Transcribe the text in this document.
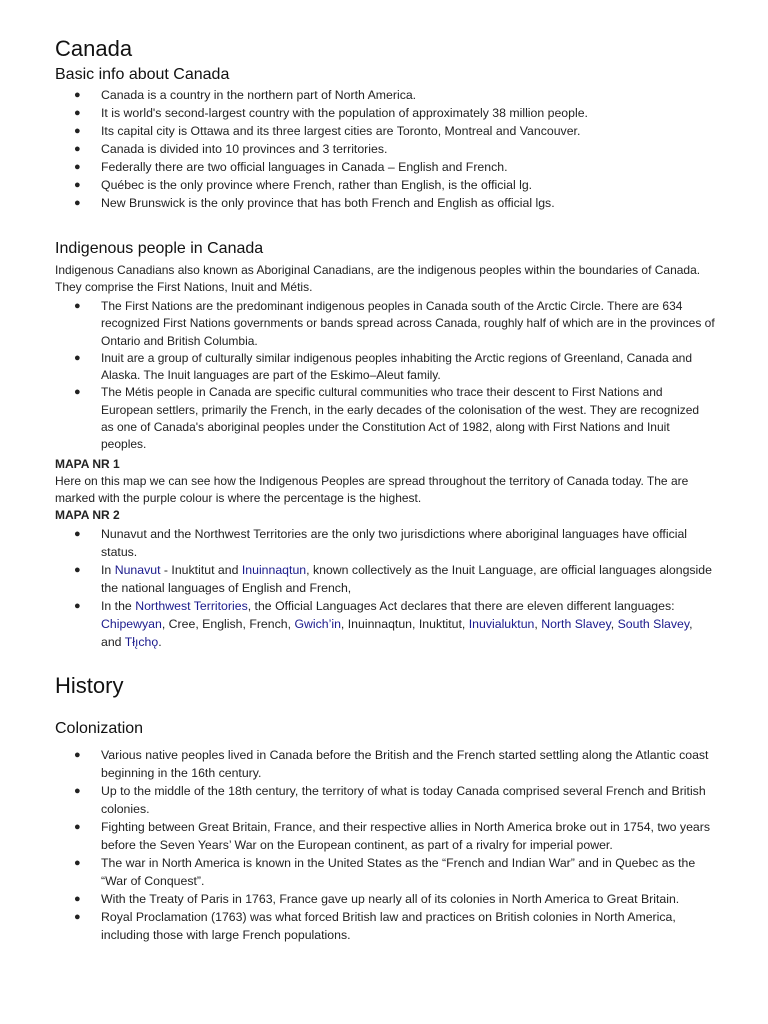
Canada
Basic info about Canada
● Canada is a country in the northern part of North America.
● It is world's second-largest country with the population of approximately 38 million people.
● Its capital city is Ottawa and its three largest cities are Toronto, Montreal and Vancouver.
● Canada is divided into 10 provinces and 3 territories.
● Federally there are two official languages in Canada – English and French.
● Québec is the only province where French, rather than English, is the official lg.
● New Brunswick is the only province that has both French and English as official lgs.
Indigenous people in Canada
Indigenous Canadians also known as Aboriginal Canadians, are the indigenous peoples within the boundaries of Canada. They comprise the First Nations, Inuit and Métis.
● The First Nations are the predominant indigenous peoples in Canada south of the Arctic Circle. There are 634 recognized First Nations governments or bands spread across Canada, roughly half of which are in the provinces of Ontario and British Columbia.
● Inuit are a group of culturally similar indigenous peoples inhabiting the Arctic regions of Greenland, Canada and Alaska. The Inuit languages are part of the Eskimo–Aleut family.
● The Métis people in Canada are specific cultural communities who trace their descent to First Nations and European settlers, primarily the French, in the early decades of the colonisation of the west. They are recognized as one of Canada's aboriginal peoples under the Constitution Act of 1982, along with First Nations and Inuit peoples.
MAPA NR 1
Here on this map we can see how the Indigenous Peoples are spread throughout the territory of Canada today. The are marked with the purple colour is where the percentage is the highest.
MAPA NR 2
● Nunavut and the Northwest Territories are the only two jurisdictions where aboriginal languages have official status.
● In Nunavut - Inuktitut and Inuinnaqtun, known collectively as the Inuit Language, are official languages alongside the national languages of English and French,
● In the Northwest Territories, the Official Languages Act declares that there are eleven different languages: Chipewyan, Cree, English, French, Gwich’in, Inuinnaqtun, Inuktitut, Inuvialuktun, North Slavey, South Slavey, and Tłı̨chǫ.
History
Colonization
● Various native peoples lived in Canada before the British and the French started settling along the Atlantic coast beginning in the 16th century.
● Up to the middle of the 18th century, the territory of what is today Canada comprised several French and British colonies.
● Fighting between Great Britain, France, and their respective allies in North America broke out in 1754, two years before the Seven Years’ War on the European continent, as part of a rivalry for imperial power.
● The war in North America is known in the United States as the “French and Indian War” and in Quebec as the “War of Conquest”.
● With the Treaty of Paris in 1763, France gave up nearly all of its colonies in North America to Great Britain.
● Royal Proclamation (1763) was what forced British law and practices on British colonies in North America, including those with large French populations.
